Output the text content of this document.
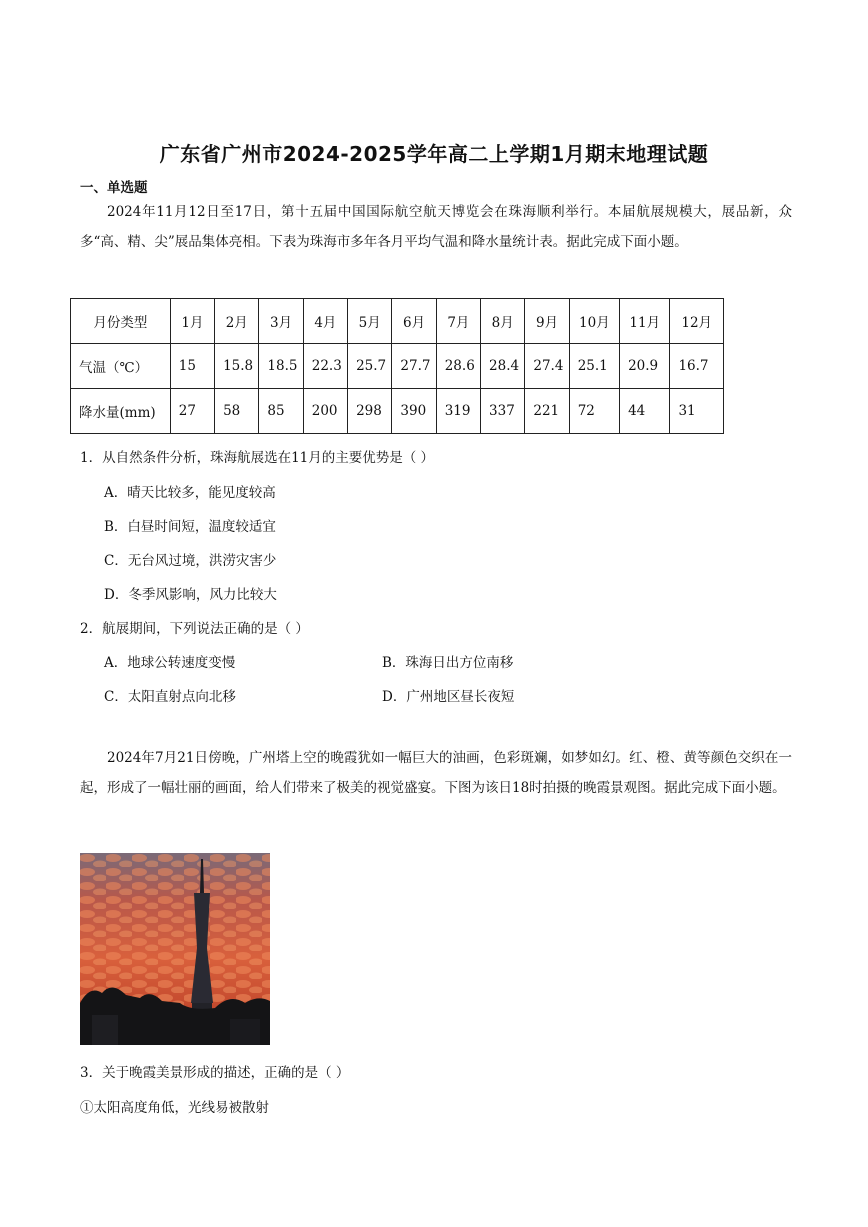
广东省广州市2024-2025学年高二上学期1月期末地理试题
一、单选题
2024年11月12日至17日，第十五届中国国际航空航天博览会在珠海顺利举行。本届航展规模大，展品新，众多“高、精、尖”展品集体亮相。下表为珠海市多年各月平均气温和降水量统计表。据此完成下面小题。
月份类型	1月	2月	3月	4月	5月	6月	7月	8月	9月	10月	11月	12月
气温（℃）	15	15.8	18.5	22.3	25.7	27.7	28.6	28.4	27.4	25.1	20.9	16.7
降水量(mm)	27	58	85	200	298	390	319	337	221	72	44	31
1．从自然条件分析，珠海航展选在11月的主要优势是（ ）
A．晴天比较多，能见度较高
B．白昼时间短，温度较适宜
C．无台风过境，洪涝灾害少
D．冬季风影响，风力比较大
2．航展期间，下列说法正确的是（ ）
A．地球公转速度变慢	B．珠海日出方位南移
C．太阳直射点向北移	D．广州地区昼长夜短
2024年7月21日傍晚，广州塔上空的晚霞犹如一幅巨大的油画，色彩斑斓，如梦如幻。红、橙、黄等颜色交织在一起，形成了一幅壮丽的画面，给人们带来了极美的视觉盛宴。下图为该日18时拍摄的晚霞景观图。据此完成下面小题。
3．关于晚霞美景形成的描述，正确的是（ ）
①太阳高度角低，光线易被散射
